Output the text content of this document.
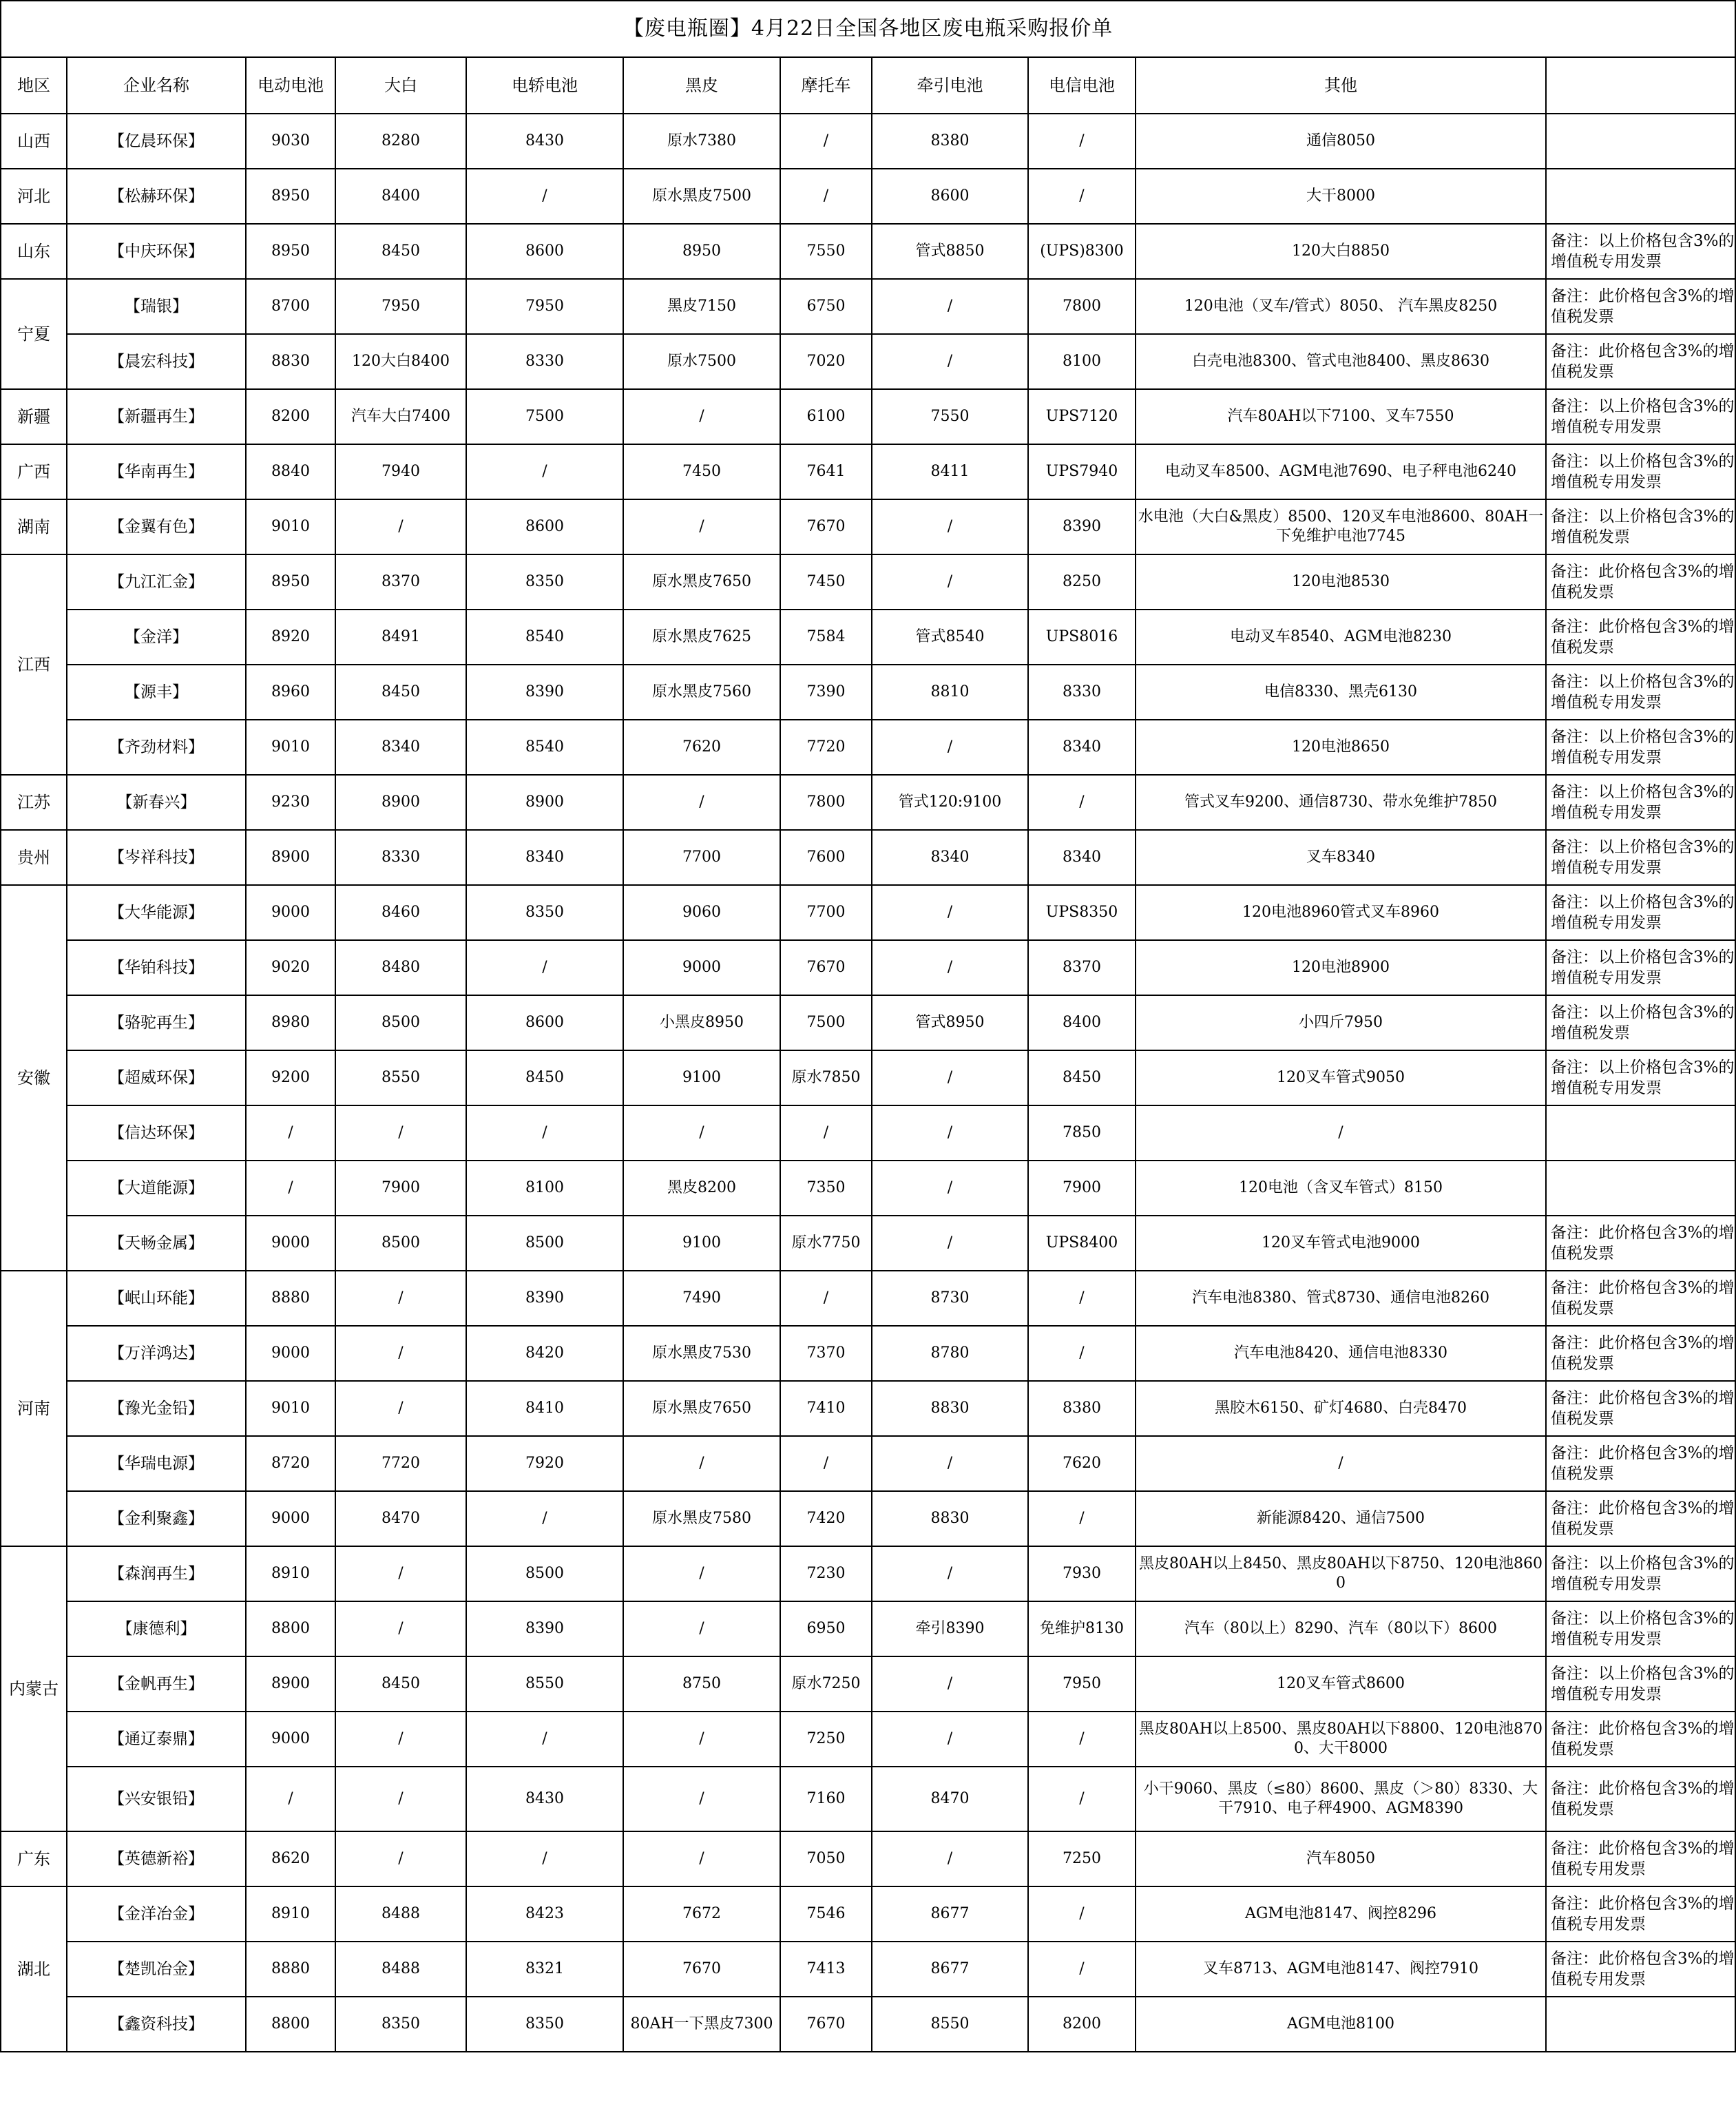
【废电瓶圈】4月22日全国各地区废电瓶采购报价单										
地区	企业名称	电动电池	大白	电轿电池	黑皮	摩托车	牵引电池	电信电池	其他	
山西	【亿晨环保】	9030	8280	8430	原水7380	/	8380	/	通信8050	
河北	【松赫环保】	8950	8400	/	原水黑皮7500	/	8600	/	大干8000	
山东	【中庆环保】	8950	8450	8600	8950	7550	管式8850	(UPS)8300	120大白8850	备注：以上价格包含3%的增值税专用发票
宁夏	【瑞银】	8700	7950	7950	黑皮7150	6750	/	7800	120电池（叉车/管式）8050、 汽车黑皮8250	备注：此价格包含3%的增值税发票
	【晨宏科技】	8830	120大白8400	8330	原水7500	7020	/	8100	白壳电池8300、管式电池8400、黑皮8630	备注：此价格包含3%的增值税发票
新疆	【新疆再生】	8200	汽车大白7400	7500	/	6100	7550	UPS7120	汽车80AH以下7100、叉车7550	备注：以上价格包含3%的增值税专用发票
广西	【华南再生】	8840	7940	/	7450	7641	8411	UPS7940	电动叉车8500、AGM电池7690、电子秤电池6240	备注：以上价格包含3%的增值税专用发票
湖南	【金翼有色】	9010	/	8600	/	7670	/	8390	水电池（大白&黑皮）8500、120叉车电池8600、80AH一下免维护电池7745	备注：以上价格包含3%的增值税发票
江西	【九江汇金】	8950	8370	8350	原水黑皮7650	7450	/	8250	120电池8530	备注：此价格包含3%的增值税发票
	【金洋】	8920	8491	8540	原水黑皮7625	7584	管式8540	UPS8016	电动叉车8540、AGM电池8230	备注：此价格包含3%的增值税发票
	【源丰】	8960	8450	8390	原水黑皮7560	7390	8810	8330	电信8330、黑壳6130	备注：以上价格包含3%的增值税专用发票
	【齐劲材料】	9010	8340	8540	7620	7720	/	8340	120电池8650	备注：以上价格包含3%的增值税专用发票
江苏	【新春兴】	9230	8900	8900	/	7800	管式120:9100	/	管式叉车9200、通信8730、带水免维护7850	备注：以上价格包含3%的增值税专用发票
贵州	【岑祥科技】	8900	8330	8340	7700	7600	8340	8340	叉车8340	备注：以上价格包含3%的增值税专用发票
安徽	【大华能源】	9000	8460	8350	9060	7700	/	UPS8350	120电池8960管式叉车8960	备注：以上价格包含3%的增值税专用发票
	【华铂科技】	9020	8480	/	9000	7670	/	8370	120电池8900	备注：以上价格包含3%的增值税专用发票
	【骆驼再生】	8980	8500	8600	小黑皮8950	7500	管式8950	8400	小四斤7950	备注：以上价格包含3%的增值税发票
	【超威环保】	9200	8550	8450	9100	原水7850	/	8450	120叉车管式9050	备注：以上价格包含3%的增值税专用发票
	【信达环保】	/	/	/	/	/	/	7850	/	
	【大道能源】	/	7900	8100	黑皮8200	7350	/	7900	120电池（含叉车管式）8150	
	【天畅金属】	9000	8500	8500	9100	原水7750	/	UPS8400	120叉车管式电池9000	备注：此价格包含3%的增值税发票
河南	【岷山环能】	8880	/	8390	7490	/	8730	/	汽车电池8380、管式8730、通信电池8260	备注：此价格包含3%的增值税发票
	【万洋鸿达】	9000	/	8420	原水黑皮7530	7370	8780	/	汽车电池8420、通信电池8330	备注：此价格包含3%的增值税发票
	【豫光金铅】	9010	/	8410	原水黑皮7650	7410	8830	8380	黑胶木6150、矿灯4680、白壳8470	备注：此价格包含3%的增值税发票
	【华瑞电源】	8720	7720	7920	/	/	/	7620	/	备注：此价格包含3%的增值税发票
	【金利聚鑫】	9000	8470	/	原水黑皮7580	7420	8830	/	新能源8420、通信7500	备注：此价格包含3%的增值税发票
内蒙古	【森润再生】	8910	/	8500	/	7230	/	7930	黑皮80AH以上8450、黑皮80AH以下8750、120电池8600	备注：以上价格包含3%的增值税专用发票
	【康德利】	8800	/	8390	/	6950	牵引8390	免维护8130	汽车（80以上）8290、汽车（80以下）8600	备注：以上价格包含3%的增值税专用发票
	【金帆再生】	8900	8450	8550	8750	原水7250	/	7950	120叉车管式8600	备注：以上价格包含3%的增值税专用发票
	【通辽泰鼎】	9000	/	/	/	7250	/	/	黑皮80AH以上8500、黑皮80AH以下8800、120电池8700、大干8000	备注：此价格包含3%的增值税发票
	【兴安银铅】	/	/	8430	/	7160	8470	/	小干9060、黑皮（≤80）8600、黑皮（＞80）8330、大干7910、电子秤4900、AGM8390	备注：此价格包含3%的增值税发票
广东	【英德新裕】	8620	/	/	/	7050	/	7250	汽车8050	备注：此价格包含3%的增值税专用发票
湖北	【金洋冶金】	8910	8488	8423	7672	7546	8677	/	AGM电池8147、阀控8296	备注：此价格包含3%的增值税专用发票
	【楚凯冶金】	8880	8488	8321	7670	7413	8677	/	叉车8713、AGM电池8147、阀控7910	备注：此价格包含3%的增值税专用发票
	【鑫资科技】	8800	8350	8350	80AH一下黑皮7300	7670	8550	8200	AGM电池8100	
